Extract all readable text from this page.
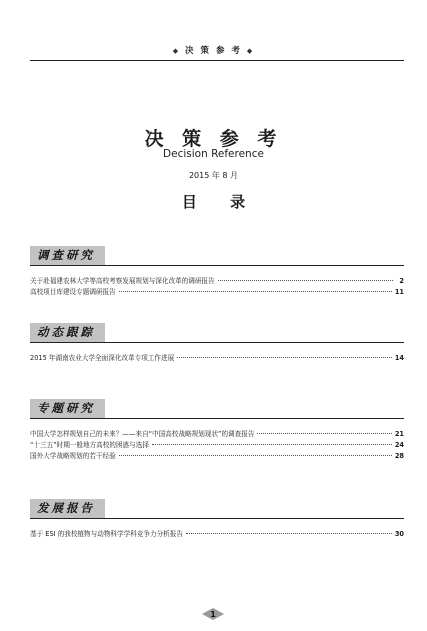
◆ 决 策 参 考 ◆
决 策 参 考
Decision Reference
2015 年 8 月
目 录
调查研究
关于赴福建农林大学等高校考察发展规划与深化改革的调研报告	2
高校项目库建设专题调研报告	11
动态跟踪
2015 年湖南农业大学全面深化改革专项工作进展	14
专题研究
中国大学怎样规划自己的未来？——来自“中国高校战略规划现状”的调查报告	21
“十三五”时期一般地方高校的困惑与选择	24
国外大学战略规划的若干经验	28
发展报告
基于 ESI 的我校植物与动物科学学科竞争力分析报告	30
1
